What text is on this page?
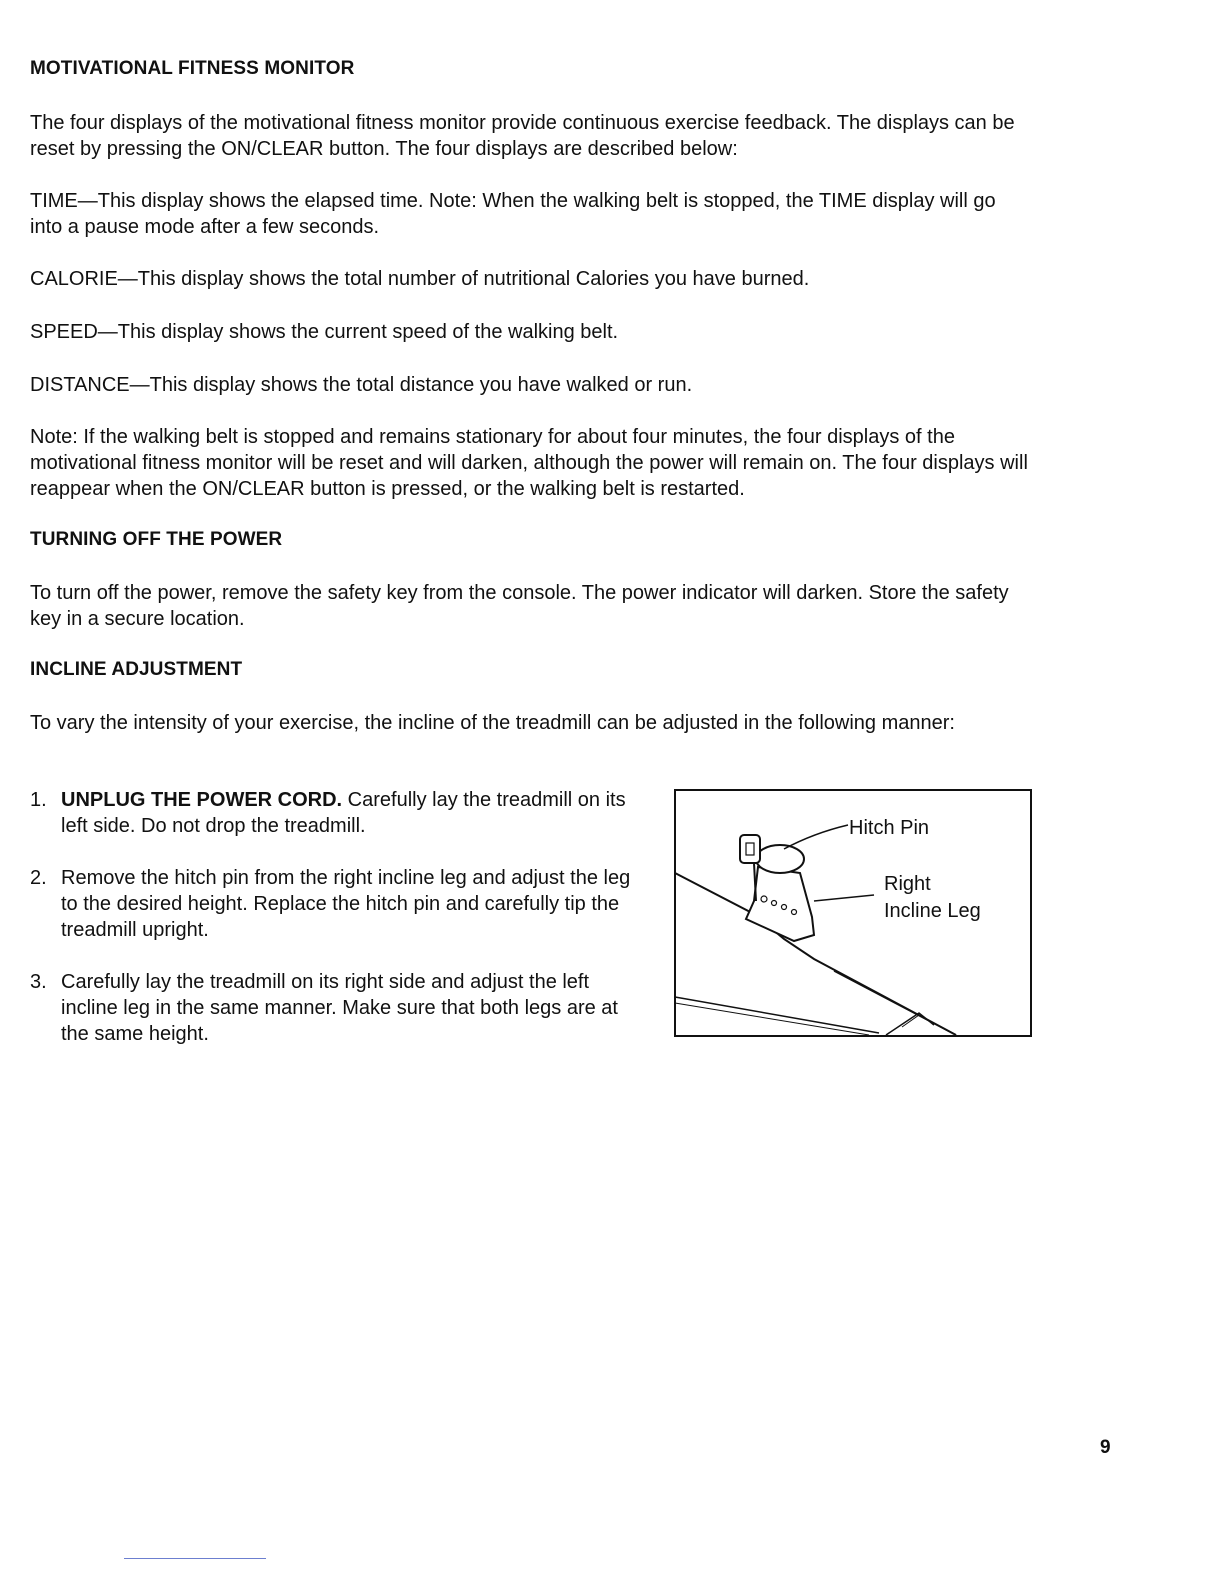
MOTIVATIONAL FITNESS MONITOR

The four displays of the motivational fitness monitor provide continuous exercise feedback. The displays can be reset by pressing the ON/CLEAR button. The four displays are described below:

TIME—This display shows the elapsed time. Note: When the walking belt is stopped, the TIME display will go into a pause mode after a few seconds.

CALORIE—This display shows the total number of nutritional Calories you have burned.

SPEED—This display shows the current speed of the walking belt.

DISTANCE—This display shows the total distance you have walked or run.

Note: If the walking belt is stopped and remains stationary for about four minutes, the four displays of the motivational fitness monitor will be reset and will darken, although the power will remain on. The four displays will reappear when the ON/CLEAR button is pressed, or the walking belt is restarted.

TURNING OFF THE POWER

To turn off the power, remove the safety key from the console. The power indicator will darken. Store the safety key in a secure location.

INCLINE ADJUSTMENT

To vary the intensity of your exercise, the incline of the treadmill can be adjusted in the following manner:

1. UNPLUG THE POWER CORD. Carefully lay the treadmill on its left side. Do not drop the treadmill.
2. Remove the hitch pin from the right incline leg and adjust the leg to the desired height. Replace the hitch pin and carefully tip the treadmill upright.
3. Carefully lay the treadmill on its right side and adjust the left incline leg in the same manner. Make sure that both legs are at the same height.
Hitch Pin
Right
Incline Leg
9
